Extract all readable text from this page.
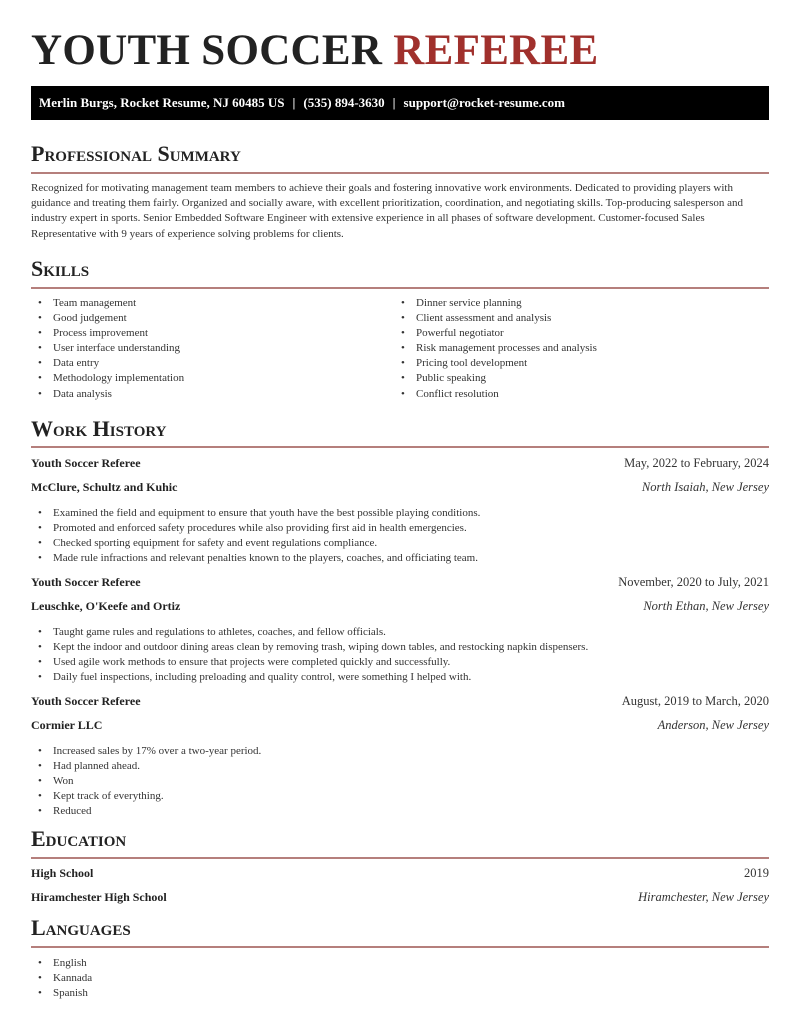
YOUTH SOCCER REFEREE
Merlin Burgs, Rocket Resume, NJ 60485 US | (535) 894-3630 | support@rocket-resume.com
Professional Summary

Recognized for motivating management team members to achieve their goals and fostering innovative work environments. Dedicated to providing players with guidance and treating them fairly. Organized and socially aware, with excellent prioritization, coordination, and negotiating skills. Top-producing salesperson and industry expert in sports. Senior Embedded Software Engineer with extensive experience in all phases of software development. Customer-focused Sales Representative with 9 years of experience solving problems for clients.

Skills
• Team management
• Good judgement
• Process improvement
• User interface understanding
• Data entry
• Methodology implementation
• Data analysis
• Dinner service planning
• Client assessment and analysis
• Powerful negotiator
• Risk management processes and analysis
• Pricing tool development
• Public speaking
• Conflict resolution
Work History
Youth Soccer Referee	May, 2022 to February, 2024
McClure, Schultz and Kuhic	North Isaiah, New Jersey
• Examined the field and equipment to ensure that youth have the best possible playing conditions.
• Promoted and enforced safety procedures while also providing first aid in health emergencies.
• Checked sporting equipment for safety and event regulations compliance.
• Made rule infractions and relevant penalties known to the players, coaches, and officiating team.
Youth Soccer Referee	November, 2020 to July, 2021
Leuschke, O'Keefe and Ortiz	North Ethan, New Jersey
• Taught game rules and regulations to athletes, coaches, and fellow officials.
• Kept the indoor and outdoor dining areas clean by removing trash, wiping down tables, and restocking napkin dispensers.
• Used agile work methods to ensure that projects were completed quickly and successfully.
• Daily fuel inspections, including preloading and quality control, were something I helped with.
Youth Soccer Referee	August, 2019 to March, 2020
Cormier LLC	Anderson, New Jersey
• Increased sales by 17% over a two-year period.
• Had planned ahead.
• Won
• Kept track of everything.
• Reduced
Education
High School	2019
Hiramchester High School	Hiramchester, New Jersey
Languages
• English
• Kannada
• Spanish
